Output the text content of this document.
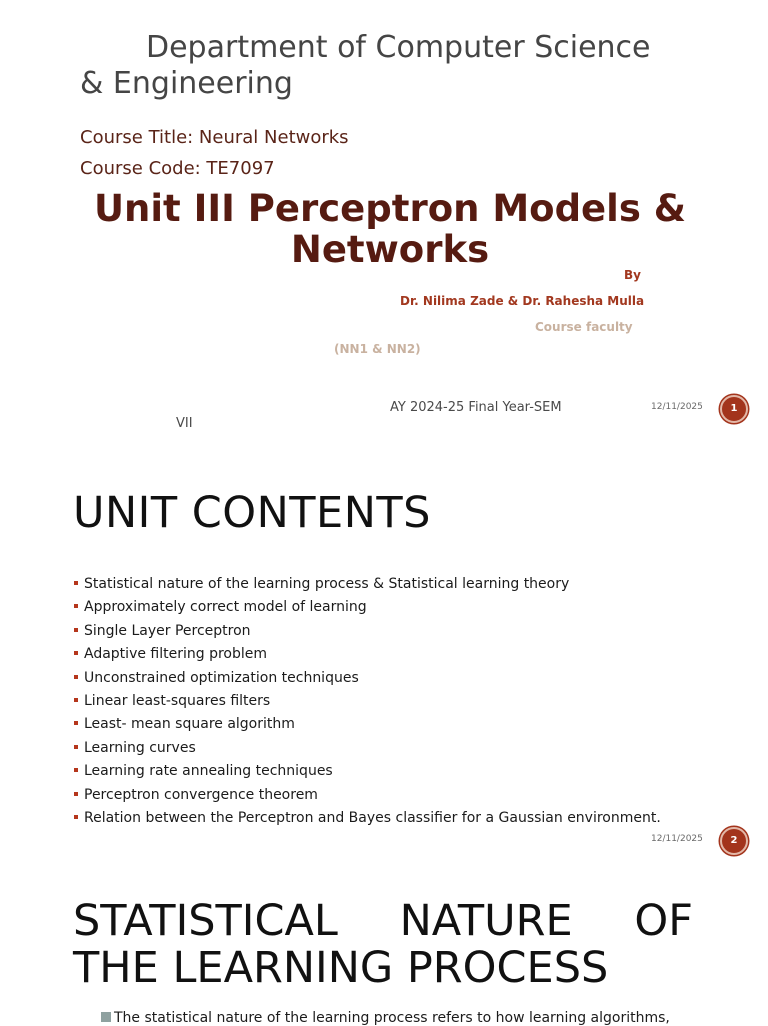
Department of Computer Science
& Engineering

Course Title: Neural Networks

Course Code: TE7097

Unit III Perceptron Models & Networks

By

Dr. Nilima Zade & Dr. Rahesha Mulla

Course faculty

(NN1 & NN2)

AY 2024-25 Final Year-SEM

VII

12/11/2025	1

UNIT CONTENTS

Statistical nature of the learning process & Statistical learning theory
Approximately correct model of learning
Single Layer Perceptron
Adaptive filtering problem
Unconstrained optimization techniques
Linear least-squares filters
Least- mean square algorithm
Learning curves
Learning rate annealing techniques
Perceptron convergence theorem
Relation between the Perceptron and Bayes classifier for a Gaussian environment.

12/11/2025	2
STATISTICAL NATURE OF
THE LEARNING PROCESS

The statistical nature of the learning process refers to how learning algorithms,
